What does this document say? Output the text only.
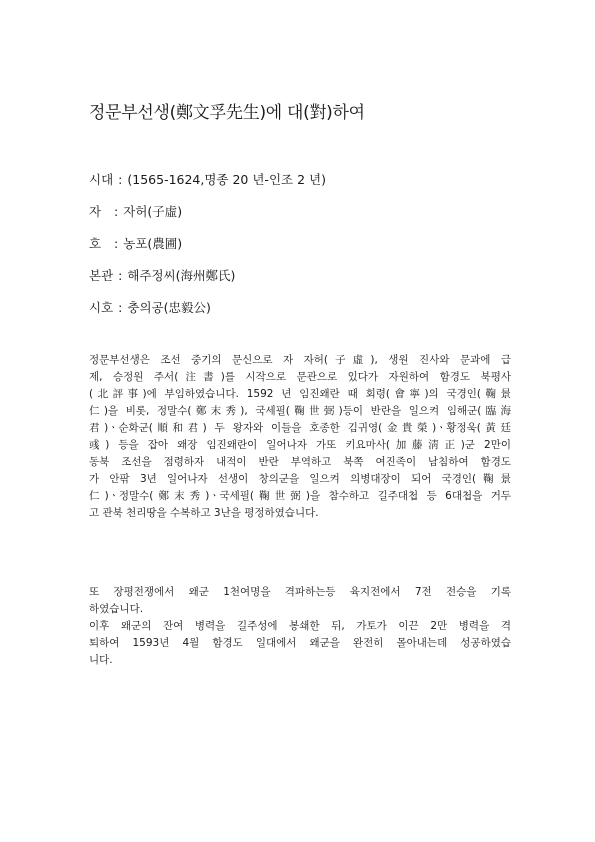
정문부선생(鄭文孚先生)에 대(對)하여
시대 : (1565-1624,명종 20 년-인조 2 년)
자  : 자허(子虛)
호  : 농포(農圃)
본관 : 해주정씨(海州鄭氏)
시호 : 충의공(忠毅公)
정문부선생은 조선 중기의 문신으로 자 자허(子虛), 생원 진사와 문과에 급
제, 승정원 주서(注書)를 시작으로 문관으로 있다가 자원하여 함경도 북평사
(北評事)에 부임하였습니다. 1592 년 임진왜란 때 회령(會寧)의 국경인(鞠景
仁)을 비롯, 정말수(鄭末秀), 국세필(鞠世弼)등이 반란을 일으켜 임해군(臨海
君)ㆍ순화군(順和君) 두 왕자와 이들을 호종한 김귀영(金貴榮)ㆍ황정욱(黃廷
彧) 등을 잡아 왜장 임진왜란이 일어나자 가또 키요마사(加藤淸正)군 2만이
동북 조선을 점령하자 내적이 반란 부역하고 북쪽 여진족이 남침하여 함경도
가 안팎 3년 일어나자 선생이 창의군을 일으켜 의병대장이 되어 국경인(鞠景
仁)ㆍ정말수(鄭末秀)ㆍ국세필(鞠世弼)을 참수하고 길주대첩 등 6대첩을 거두
고 관북 천리땅을 수복하고 3난을 평정하였습니다.
또 장평전쟁에서 왜군 1천여명을 격파하는등 육지전에서 7전 전승을 기록
하였습니다.
이후 왜군의 잔여 병력을 길주성에 봉쇄한 뒤, 가토가 이끈 2만 병력을 격
퇴하여 1593년 4월 함경도 일대에서 왜군을 완전히 몰아내는데 성공하였습
니다.
